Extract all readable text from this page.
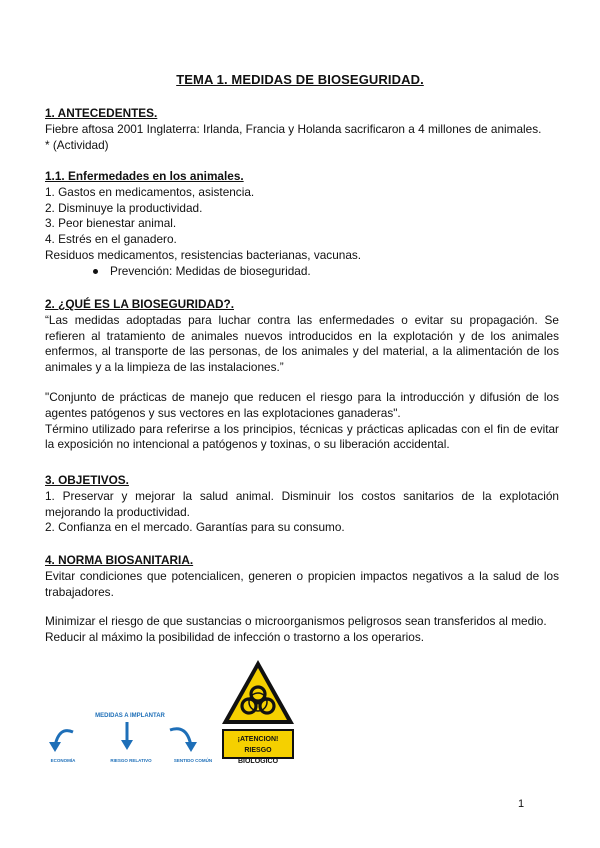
TEMA 1. MEDIDAS DE BIOSEGURIDAD.
1. ANTECEDENTES.
Fiebre aftosa 2001 Inglaterra: Irlanda, Francia y Holanda sacrificaron a 4 millones de animales.
* (Actividad)
1.1. Enfermedades en los animales.
1. Gastos en medicamentos, asistencia.
2. Disminuye la productividad.
3. Peor bienestar animal.
4. Estrés en el ganadero.
Residuos medicamentos, resistencias bacterianas, vacunas.
Prevención: Medidas de bioseguridad.
2. ¿QUÉ ES LA BIOSEGURIDAD?.
“Las medidas adoptadas para luchar contra las enfermedades o evitar su propagación. Se refieren al tratamiento de animales nuevos introducidos en la explotación y de los animales enfermos, al transporte de las personas, de los animales y del material, a la alimentación de los animales y a la limpieza de las instalaciones.”
"Conjunto de prácticas de manejo que reducen el riesgo para la introducción y difusión de los agentes patógenos y sus vectores en las explotaciones ganaderas".
Término utilizado para referirse a los principios, técnicas y prácticas aplicadas con el fin de evitar la exposición no intencional a patógenos y toxinas, o su liberación accidental.
3. OBJETIVOS.
1. Preservar y mejorar la salud animal. Disminuir los costos sanitarios de la explotación mejorando la productividad.
2. Confianza en el mercado. Garantías para su consumo.
4. NORMA BIOSANITARIA.
Evitar condiciones que potencialicen, generen o propicien impactos negativos a la salud de los trabajadores.
Minimizar el riesgo de que sustancias o microorganismos peligrosos sean transferidos al medio.
Reducir al máximo la posibilidad de infección o trastorno a los operarios.
MEDIDAS A IMPLANTAR
ECONOMÍA	RIESGO RELATIVO	SENTIDO COMÚN
¡ATENCION!
RIESGO BIOLOGICO
1
